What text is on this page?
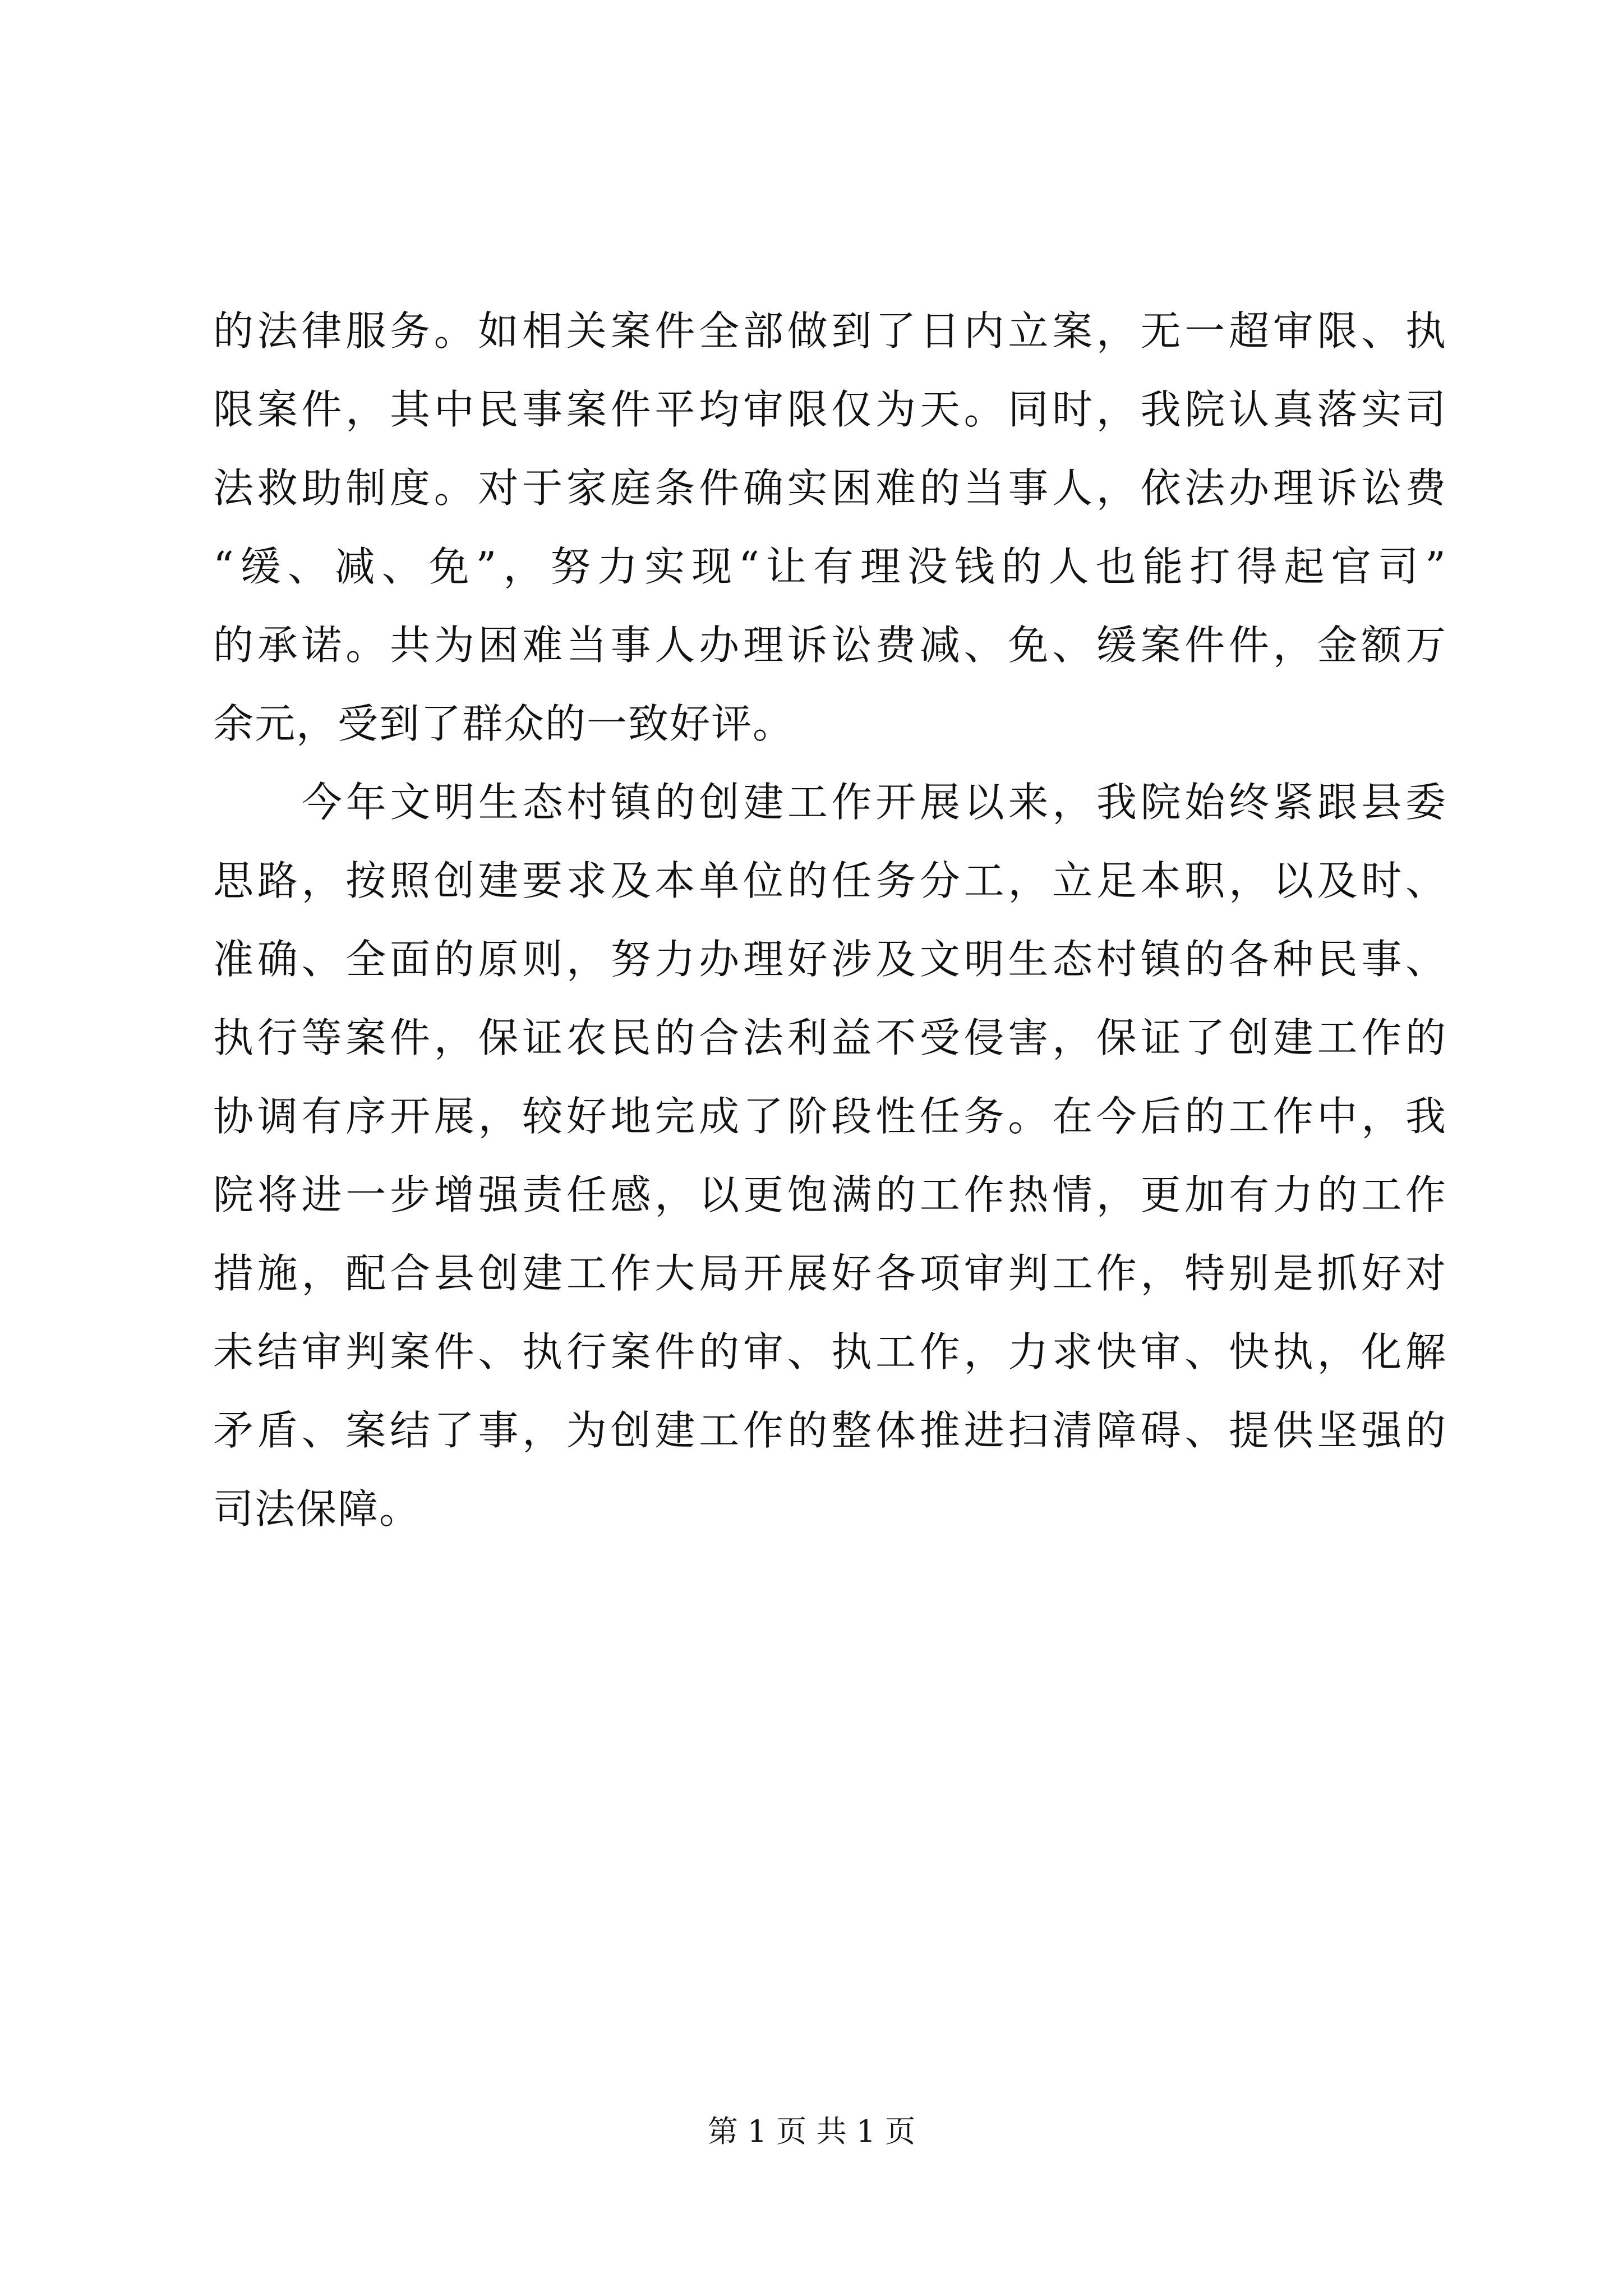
的法律服务。如相关案件全部做到了日内立案，无一超审限、执
限案件，其中民事案件平均审限仅为天。同时，我院认真落实司
法救助制度。对于家庭条件确实困难的当事人，依法办理诉讼费
“缓、减、免”，努力实现“让有理没钱的人也能打得起官司”
的承诺。共为困难当事人办理诉讼费减、免、缓案件件，金额万
余元，受到了群众的一致好评。
今年文明生态村镇的创建工作开展以来，我院始终紧跟县委
思路，按照创建要求及本单位的任务分工，立足本职，以及时、
准确、全面的原则，努力办理好涉及文明生态村镇的各种民事、
执行等案件，保证农民的合法利益不受侵害，保证了创建工作的
协调有序开展，较好地完成了阶段性任务。在今后的工作中，我
院将进一步增强责任感，以更饱满的工作热情，更加有力的工作
措施，配合县创建工作大局开展好各项审判工作，特别是抓好对
未结审判案件、执行案件的审、执工作，力求快审、快执，化解
矛盾、案结了事，为创建工作的整体推进扫清障碍、提供坚强的
司法保障。
第 1 页 共 1 页
